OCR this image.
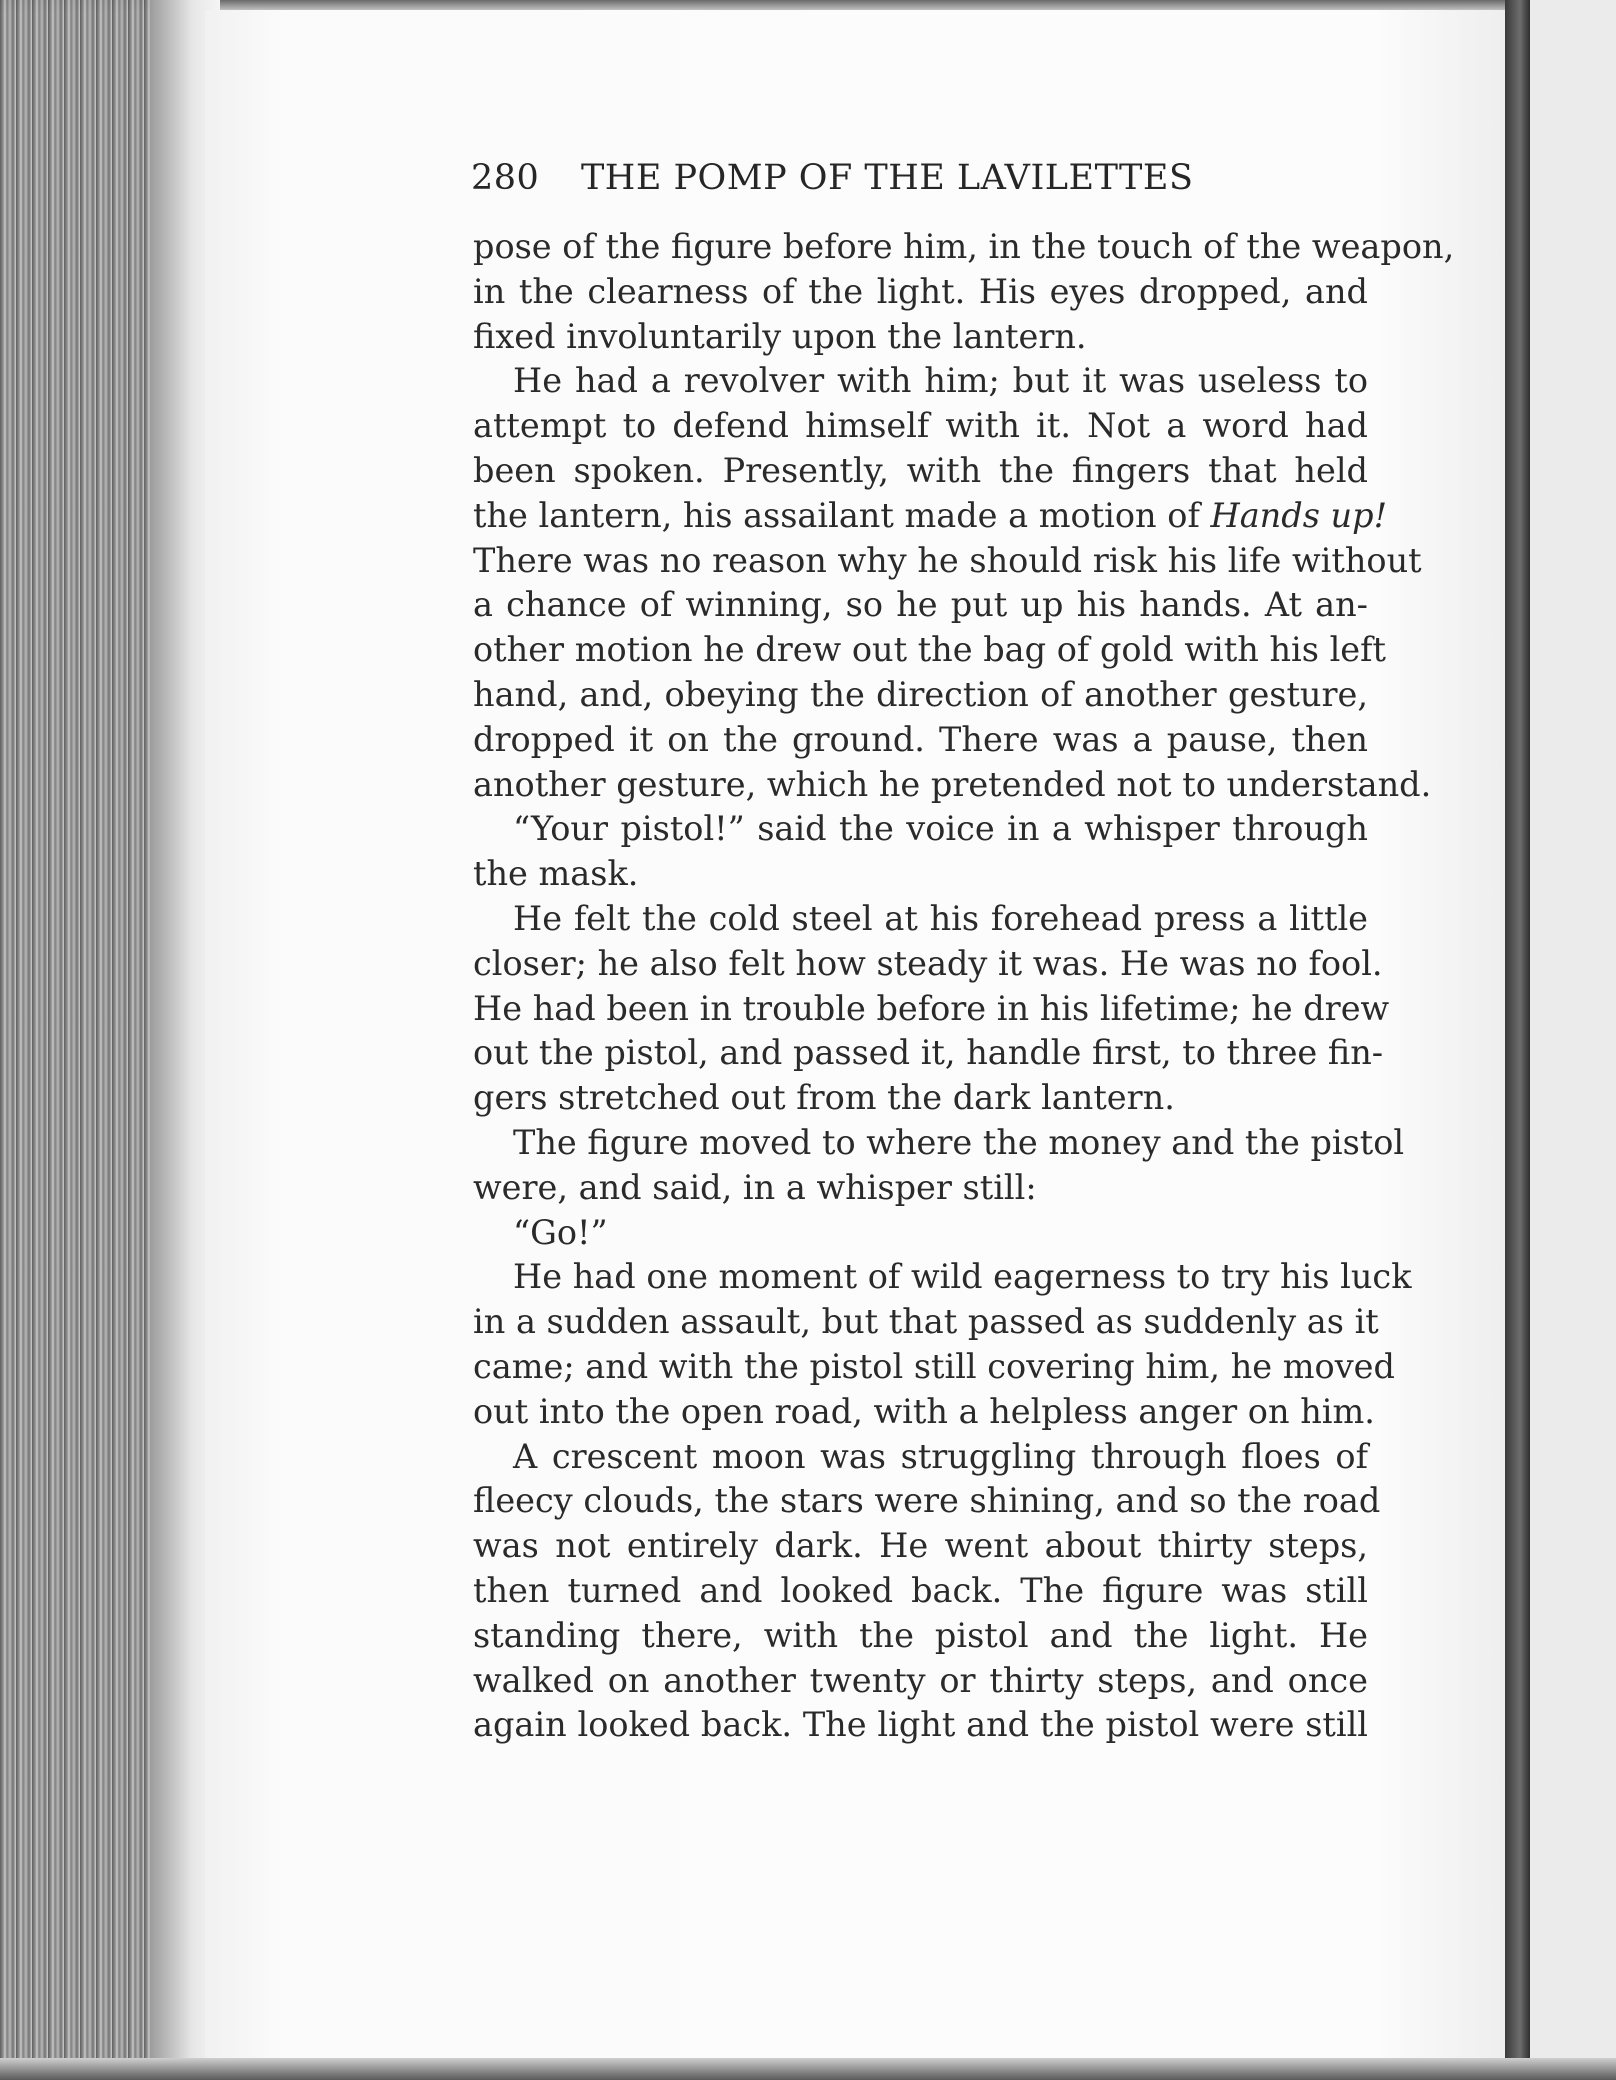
280 THE POMP OF THE LAVILETTES
pose of the figure before him, in the touch of the weapon,
in the clearness of the light. His eyes dropped, and
fixed involuntarily upon the lantern.
He had a revolver with him; but it was useless to
attempt to defend himself with it. Not a word had
been spoken. Presently, with the fingers that held
the lantern, his assailant made a motion of Hands up!
There was no reason why he should risk his life without
a chance of winning, so he put up his hands. At an-
other motion he drew out the bag of gold with his left
hand, and, obeying the direction of another gesture,
dropped it on the ground. There was a pause, then
another gesture, which he pretended not to understand.
“Your pistol!” said the voice in a whisper through
the mask.
He felt the cold steel at his forehead press a little
closer; he also felt how steady it was. He was no fool.
He had been in trouble before in his lifetime; he drew
out the pistol, and passed it, handle first, to three fin-
gers stretched out from the dark lantern.
The figure moved to where the money and the pistol
were, and said, in a whisper still:
“Go!”
He had one moment of wild eagerness to try his luck
in a sudden assault, but that passed as suddenly as it
came; and with the pistol still covering him, he moved
out into the open road, with a helpless anger on him.
A crescent moon was struggling through floes of
fleecy clouds, the stars were shining, and so the road
was not entirely dark. He went about thirty steps,
then turned and looked back. The figure was still
standing there, with the pistol and the light. He
walked on another twenty or thirty steps, and once
again looked back. The light and the pistol were still
